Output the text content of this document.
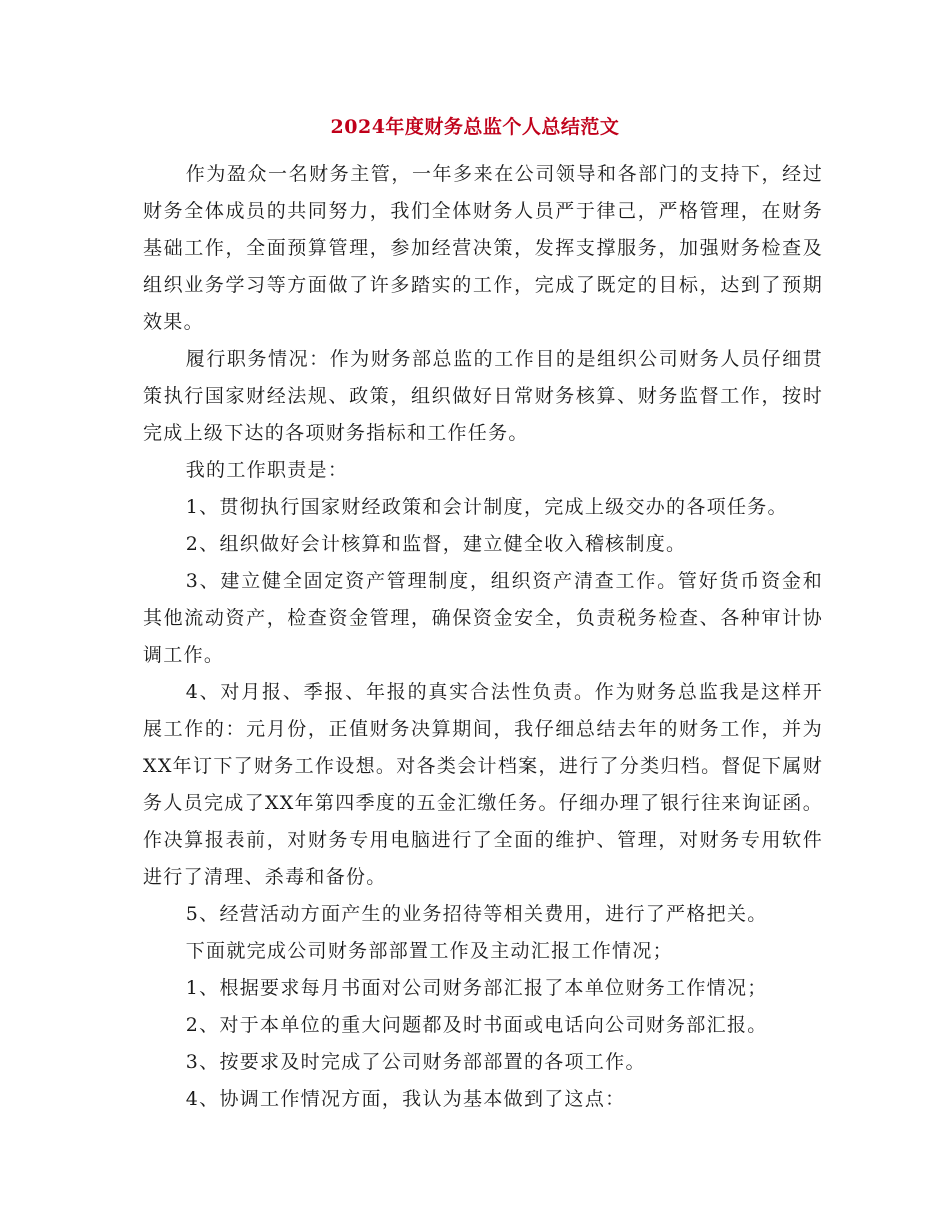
2024年度财务总监个人总结范文

作为盈众一名财务主管，一年多来在公司领导和各部门的支持下，经过财务全体成员的共同努力，我们全体财务人员严于律己，严格管理，在财务基础工作，全面预算管理，参加经营决策，发挥支撑服务，加强财务检查及组织业务学习等方面做了许多踏实的工作，完成了既定的目标，达到了预期效果。

履行职务情况：作为财务部总监的工作目的是组织公司财务人员仔细贯策执行国家财经法规、政策，组织做好日常财务核算、财务监督工作，按时完成上级下达的各项财务指标和工作任务。

我的工作职责是：

1、贯彻执行国家财经政策和会计制度，完成上级交办的各项任务。

2、组织做好会计核算和监督，建立健全收入稽核制度。

3、建立健全固定资产管理制度，组织资产清查工作。管好货币资金和其他流动资产，检查资金管理，确保资金安全，负责税务检查、各种审计协调工作。

4、对月报、季报、年报的真实合法性负责。作为财务总监我是这样开展工作的：元月份，正值财务决算期间，我仔细总结去年的财务工作，并为XX年订下了财务工作设想。对各类会计档案，进行了分类归档。督促下属财务人员完成了XX年第四季度的五金汇缴任务。仔细办理了银行往来询证函。作决算报表前，对财务专用电脑进行了全面的维护、管理，对财务专用软件进行了清理、杀毒和备份。

5、经营活动方面产生的业务招待等相关费用，进行了严格把关。

下面就完成公司财务部部置工作及主动汇报工作情况；

1、根据要求每月书面对公司财务部汇报了本单位财务工作情况；

2、对于本单位的重大问题都及时书面或电话向公司财务部汇报。

3、按要求及时完成了公司财务部部置的各项工作。

4、协调工作情况方面，我认为基本做到了这点：
